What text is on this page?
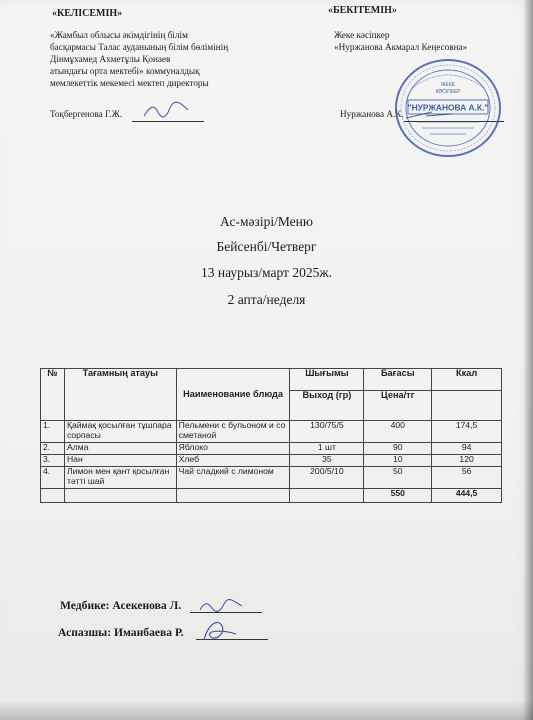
«КЕЛІСЕМІН»
«Жамбыл облысы әкімдігінің білім
басқармасы Талас ауданының білім бөлімінің
Дінмұхамед Ахметұлы Қонаев
атындағы орта мектебі» коммуналдық
мемлекеттік мекемесі мектеп директоры
Тоқбергенова Г.Ж.
«БЕКІТЕМІН»
Жеке кәсіпкер
«Нуржанова Акмарал Кеңесовна»
Нуржанова А.К.
"НУРЖАНОВА А.К."
ЖЕКЕ
КӘСІПКЕР
Ас-мәзірі/Меню
Бейсенбі/Четверг
13 наурыз/март 2025ж.
2 апта/неделя
№	Тағамның атауы	Наименование блюда	Шығымы	Бағасы	Ккал
			Выход (гр)	Цена/тг	
1.	Қаймақ қосылған тұшпара сорпасы	Пельмени с бульоном и со сметаной	130/75/5	400	174,5
2.	Алма	Яблоко	1 шт	90	94
3.	Нан	Хлеб	35	10	120
4.	Лимон мен қант қосылған тәтті шай	Чай сладкий с лимоном	200/5/10	50	56
				550	444,5
Медбике: Асекенова Л.
Аспазшы: Иманбаева Р.
